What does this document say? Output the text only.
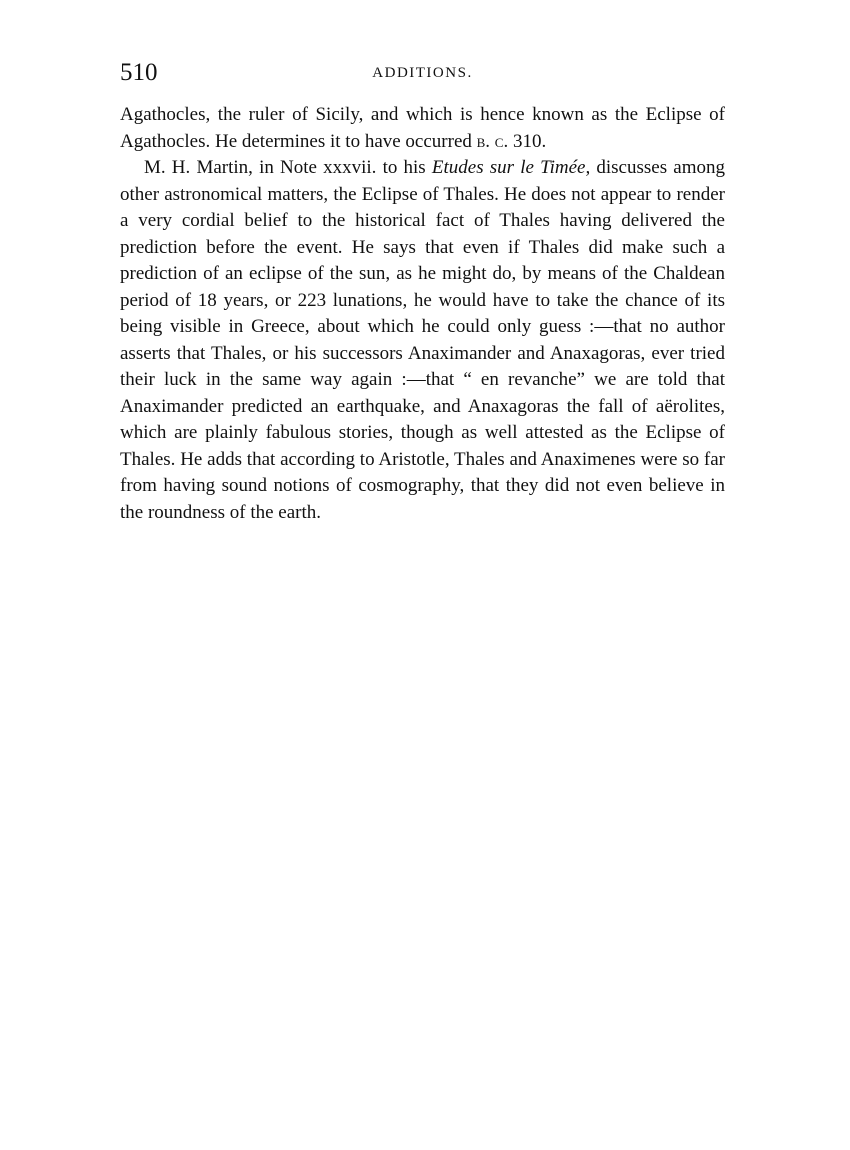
510	ADDITIONS.

Agathocles, the ruler of Sicily, and which is hence known as the Eclipse of Agathocles. He determines it to have occurred b. c. 310.

M. H. Martin, in Note xxxvii. to his Etudes sur le Timée, discusses among other astronomical matters, the Eclipse of Thales. He does not appear to render a very cordial belief to the historical fact of Thales having delivered the prediction before the event. He says that even if Thales did make such a prediction of an eclipse of the sun, as he might do, by means of the Chaldean period of 18 years, or 223 lunations, he would have to take the chance of its being visible in Greece, about which he could only guess :—that no author asserts that Thales, or his successors Anaximander and Anaxagoras, ever tried their luck in the same way again :—that “ en revanche” we are told that Anaximander predicted an earthquake, and Anaxagoras the fall of aërolites, which are plainly fabulous stories, though as well attested as the Eclipse of Thales. He adds that according to Aristotle, Thales and Anaximenes were so far from having sound notions of cosmography, that they did not even believe in the roundness of the earth.
